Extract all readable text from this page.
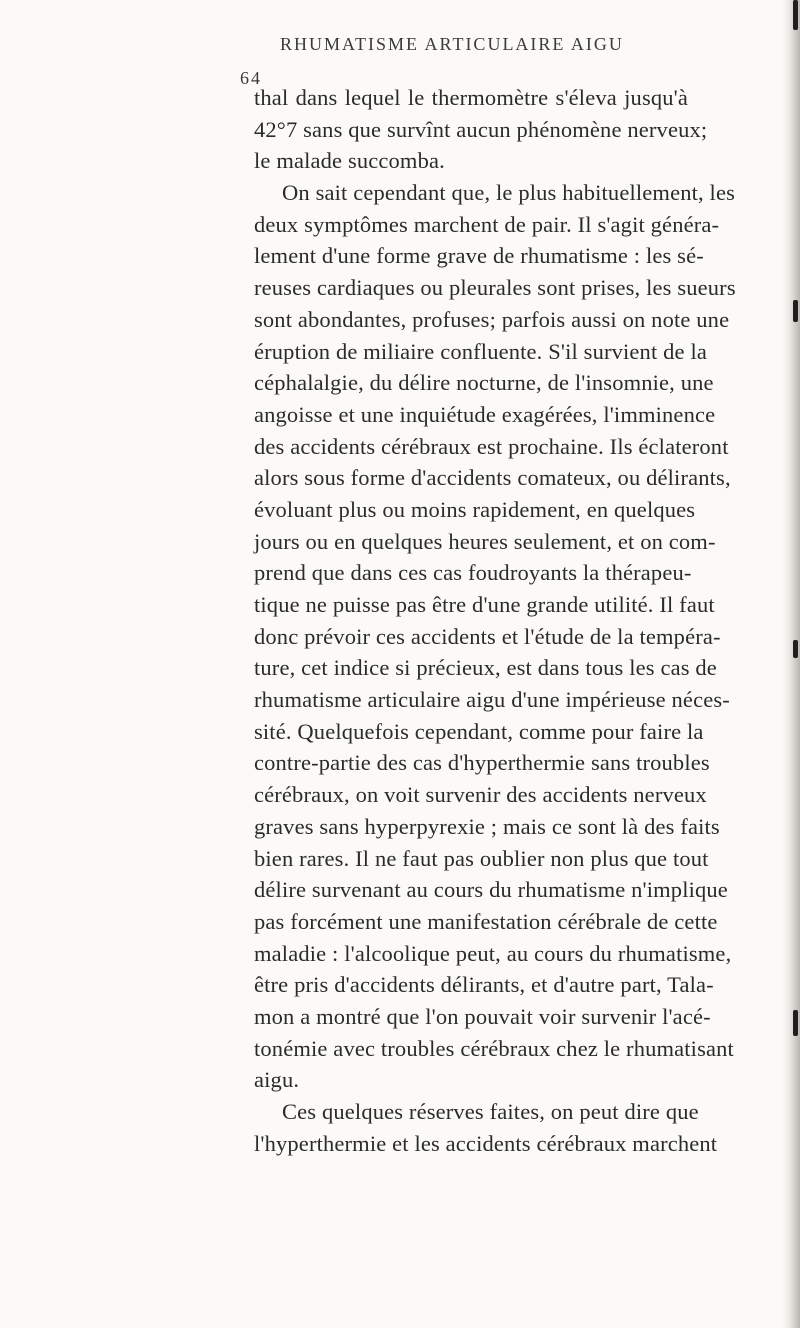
64
RHUMATISME ARTICULAIRE AIGU
thal dans lequel le thermomètre s'éleva jusqu'à
42°7 sans que survînt aucun phénomène nerveux;
le malade succomba.
On sait cependant que, le plus habituellement, les
deux symptômes marchent de pair. Il s'agit généra-
lement d'une forme grave de rhumatisme : les sé-
reuses cardiaques ou pleurales sont prises, les sueurs
sont abondantes, profuses; parfois aussi on note une
éruption de miliaire confluente. S'il survient de la
céphalalgie, du délire nocturne, de l'insomnie, une
angoisse et une inquiétude exagérées, l'imminence
des accidents cérébraux est prochaine. Ils éclateront
alors sous forme d'accidents comateux, ou délirants,
évoluant plus ou moins rapidement, en quelques
jours ou en quelques heures seulement, et on com-
prend que dans ces cas foudroyants la thérapeu-
tique ne puisse pas être d'une grande utilité. Il faut
donc prévoir ces accidents et l'étude de la tempéra-
ture, cet indice si précieux, est dans tous les cas de
rhumatisme articulaire aigu d'une impérieuse néces-
sité. Quelquefois cependant, comme pour faire la
contre-partie des cas d'hyperthermie sans troubles
cérébraux, on voit survenir des accidents nerveux
graves sans hyperpyrexie ; mais ce sont là des faits
bien rares. Il ne faut pas oublier non plus que tout
délire survenant au cours du rhumatisme n'implique
pas forcément une manifestation cérébrale de cette
maladie : l'alcoolique peut, au cours du rhumatisme,
être pris d'accidents délirants, et d'autre part, Tala-
mon a montré que l'on pouvait voir survenir l'acé-
tonémie avec troubles cérébraux chez le rhumatisant
aigu.
Ces quelques réserves faites, on peut dire que
l'hyperthermie et les accidents cérébraux marchent
